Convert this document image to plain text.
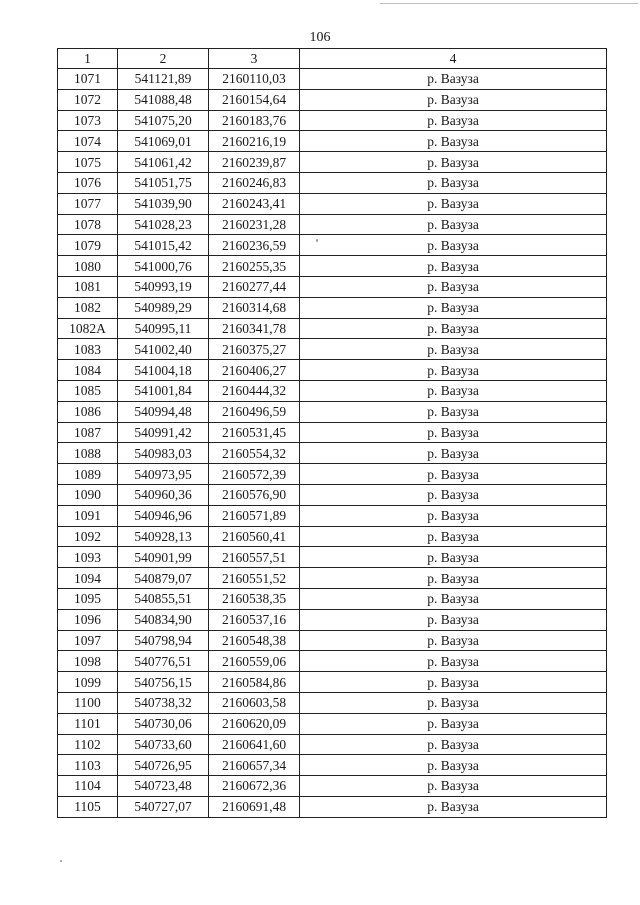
106
1	2	3	4
1071	541121,89	2160110,03	р. Вазуза
1072	541088,48	2160154,64	р. Вазуза
1073	541075,20	2160183,76	р. Вазуза
1074	541069,01	2160216,19	р. Вазуза
1075	541061,42	2160239,87	р. Вазуза
1076	541051,75	2160246,83	р. Вазуза
1077	541039,90	2160243,41	р. Вазуза
1078	541028,23	2160231,28	р. Вазуза
1079	541015,42	2160236,59	р. Вазуза
1080	541000,76	2160255,35	р. Вазуза
1081	540993,19	2160277,44	р. Вазуза
1082	540989,29	2160314,68	р. Вазуза
1082A	540995,11	2160341,78	р. Вазуза
1083	541002,40	2160375,27	р. Вазуза
1084	541004,18	2160406,27	р. Вазуза
1085	541001,84	2160444,32	р. Вазуза
1086	540994,48	2160496,59	р. Вазуза
1087	540991,42	2160531,45	р. Вазуза
1088	540983,03	2160554,32	р. Вазуза
1089	540973,95	2160572,39	р. Вазуза
1090	540960,36	2160576,90	р. Вазуза
1091	540946,96	2160571,89	р. Вазуза
1092	540928,13	2160560,41	р. Вазуза
1093	540901,99	2160557,51	р. Вазуза
1094	540879,07	2160551,52	р. Вазуза
1095	540855,51	2160538,35	р. Вазуза
1096	540834,90	2160537,16	р. Вазуза
1097	540798,94	2160548,38	р. Вазуза
1098	540776,51	2160559,06	р. Вазуза
1099	540756,15	2160584,86	р. Вазуза
1100	540738,32	2160603,58	р. Вазуза
1101	540730,06	2160620,09	р. Вазуза
1102	540733,60	2160641,60	р. Вазуза
1103	540726,95	2160657,34	р. Вазуза
1104	540723,48	2160672,36	р. Вазуза
1105	540727,07	2160691,48	р. Вазуза
